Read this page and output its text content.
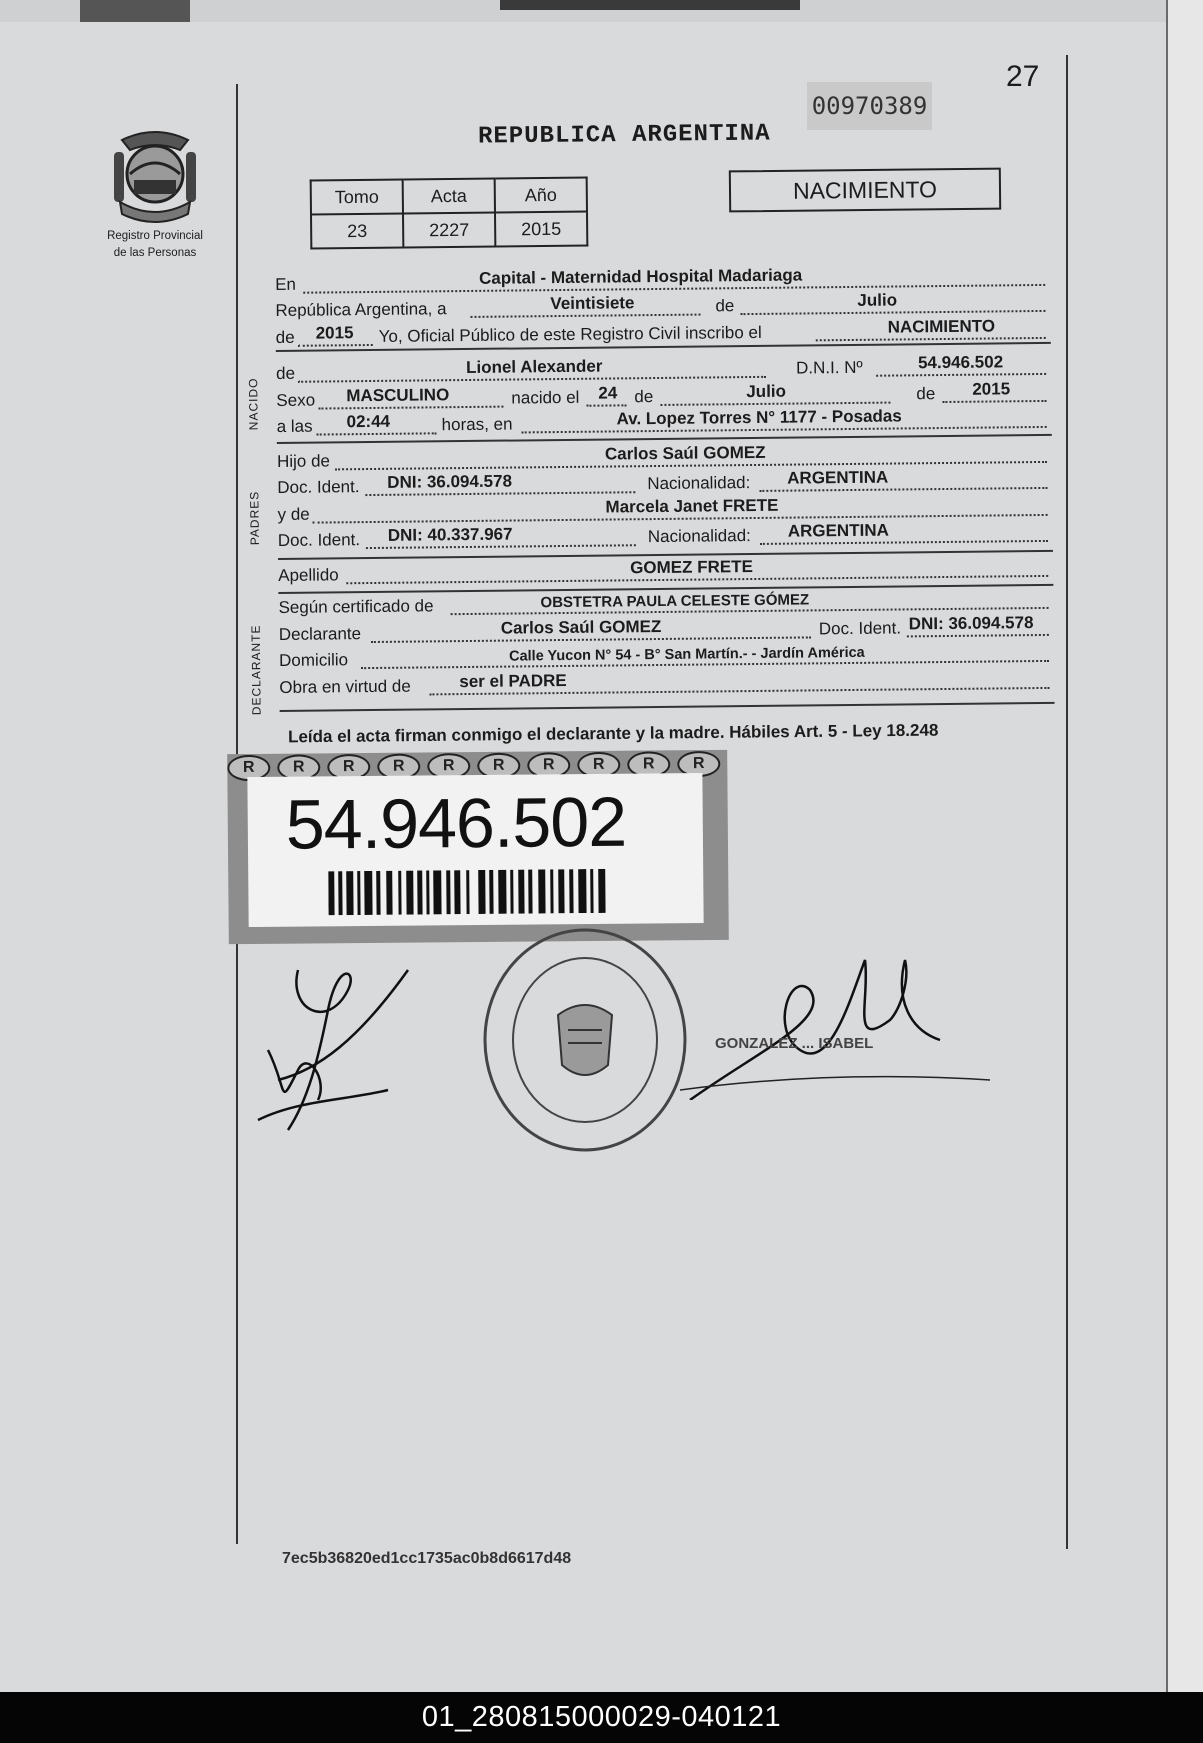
27
00970389
REPUBLICA ARGENTINA
Registro Provincial
de las Personas
Tomo	Acta	Año
23	2227	2015
NACIMIENTO
En	Capital - Maternidad Hospital Madariaga
República Argentina, a	Veintisiete	de	Julio
de 2015 Yo, Oficial Público de este Registro Civil inscribo el	NACIMIENTO
de	Lionel Alexander	D.N.I. Nº	54.946.502
Sexo MASCULINO	nacido el 24 de	Julio	de 2015
a las 02:44	horas, en	Av. Lopez Torres N° 1177 - Posadas
NACIDO
Hijo de	Carlos Saúl GOMEZ
Doc. Ident. DNI: 36.094.578	Nacionalidad: ARGENTINA
y de	Marcela Janet FRETE
Doc. Ident. DNI: 40.337.967	Nacionalidad: ARGENTINA
PADRES
Apellido	GOMEZ FRETE
Según certificado de	OBSTETRA PAULA CELESTE GÓMEZ
Declarante	Carlos Saúl GOMEZ	Doc. Ident. DNI: 36.094.578
Domicilio	Calle Yucon N° 54 - B° San Martín.- - Jardín América
Obra en virtud de	ser el PADRE
DECLARANTE
Leída el acta firman conmigo el declarante y la madre. Hábiles Art. 5 - Ley 18.248
R	R	R	R	R	R	R	R	R	R
54.946.502
GONZALEZ ... ISABEL
7ec5b36820ed1cc1735ac0b8d6617d48
01_280815000029-040121
